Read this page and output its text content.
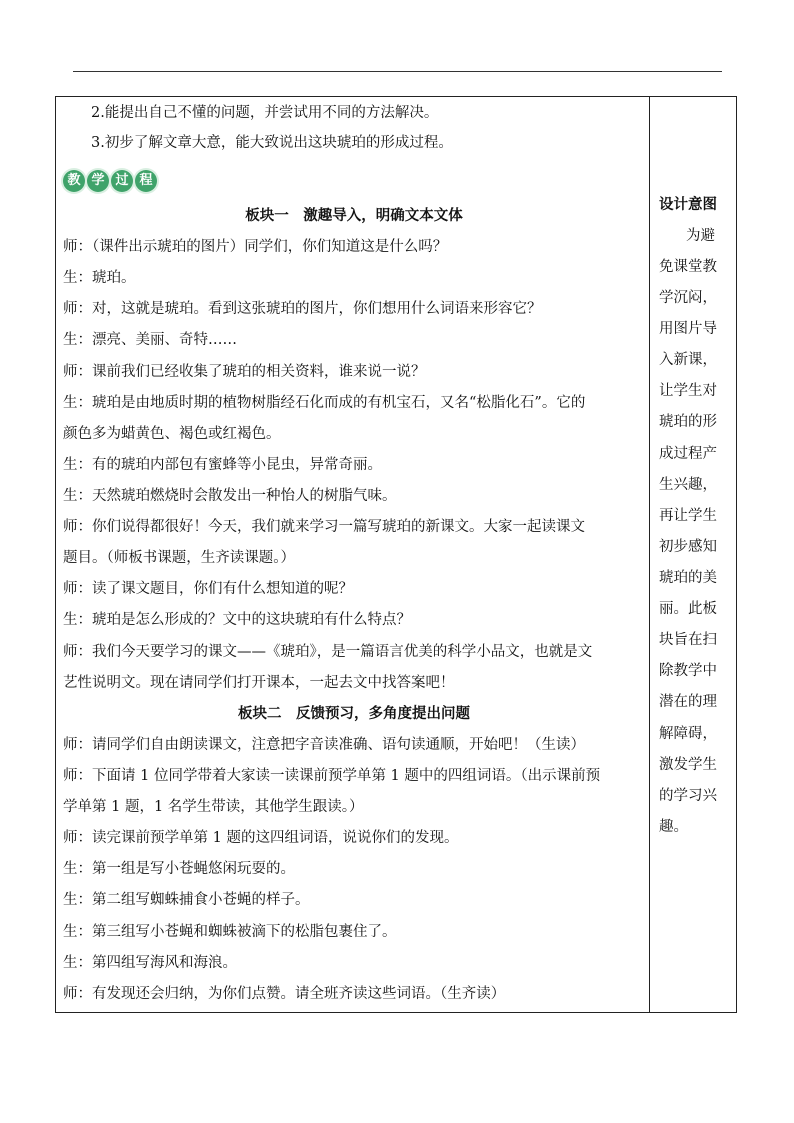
2.能提出自己不懂的问题，并尝试用不同的方法解决。
3.初步了解文章大意，能大致说出这块琥珀的形成过程。
教 学 过 程
板块一　激趣导入，明确文本文体
师：（课件出示琥珀的图片）同学们，你们知道这是什么吗？
生：琥珀。
师：对，这就是琥珀。看到这张琥珀的图片，你们想用什么词语来形容它？
生：漂亮、美丽、奇特……
师：课前我们已经收集了琥珀的相关资料，谁来说一说？
生：琥珀是由地质时期的植物树脂经石化而成的有机宝石，又名“松脂化石”。它的
颜色多为蜡黄色、褐色或红褐色。
生：有的琥珀内部包有蜜蜂等小昆虫，异常奇丽。
生：天然琥珀燃烧时会散发出一种怡人的树脂气味。
师：你们说得都很好！今天，我们就来学习一篇写琥珀的新课文。大家一起读课文
题目。（师板书课题，生齐读课题。）
师：读了课文题目，你们有什么想知道的呢？
生：琥珀是怎么形成的？文中的这块琥珀有什么特点？
师：我们今天要学习的课文——《琥珀》，是一篇语言优美的科学小品文，也就是文
艺性说明文。现在请同学们打开课本，一起去文中找答案吧！
板块二　反馈预习，多角度提出问题
师：请同学们自由朗读课文，注意把字音读准确、语句读通顺，开始吧！（生读）
师：下面请 1 位同学带着大家读一读课前预学单第 1 题中的四组词语。（出示课前预
学单第 1 题，1 名学生带读，其他学生跟读。）
师：读完课前预学单第 1 题的这四组词语，说说你们的发现。
生：第一组是写小苍蝇悠闲玩耍的。
生：第二组写蜘蛛捕食小苍蝇的样子。
生：第三组写小苍蝇和蜘蛛被滴下的松脂包裹住了。
生：第四组写海风和海浪。
师：有发现还会归纳，为你们点赞。请全班齐读这些词语。（生齐读）
设计意图
为避
免课堂教
学沉闷，
用图片导
入新课，
让学生对
琥珀的形
成过程产
生兴趣，
再让学生
初步感知
琥珀的美
丽。此板
块旨在扫
除教学中
潜在的理
解障碍，
激发学生
的学习兴
趣。
